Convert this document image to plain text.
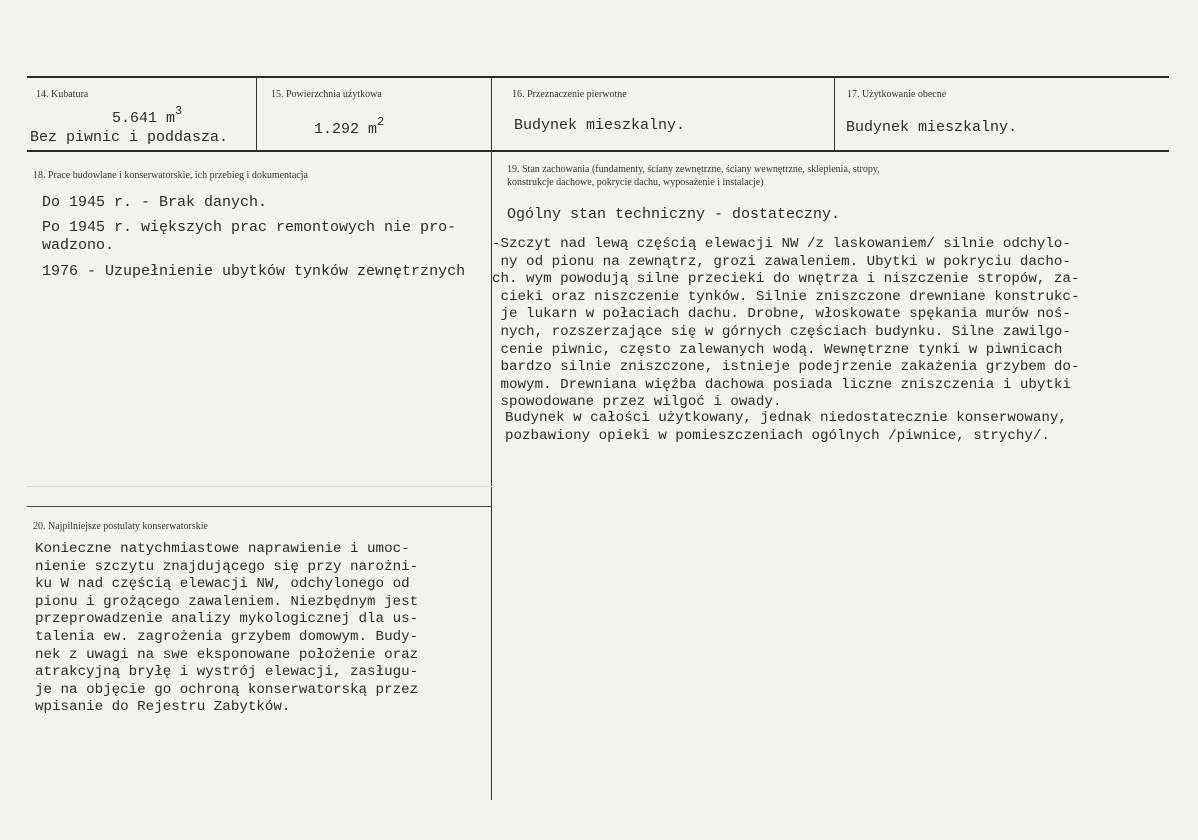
14. Kubatura
5.641 $m^3$
Bez piwnic i poddasza.
15. Powierzchnia użytkowa
1.292 $m^2$
16. Przeznaczenie pierwotne
Budynek mieszkalny.
17. Użytkowanie obecne
Budynek mieszkalny.
18. Prace budowlane i konserwatorskie, ich przebieg i dokumentacja
Do 1945 r. - Brak danych.
Po 1945 r. większych prac remontowych nie pro-
wadzono.
1976 - Uzupełnienie ubytków tynków zewnętrznych
19. Stan zachowania (fundamenty, ściany zewnętrzne, ściany wewnętrzne, sklepienia, stropy,
konstrukcje dachowe, pokrycie dachu, wyposażenie i instalacje)
Ogólny stan techniczny - dostateczny.
-Szczyt nad lewą częścią elewacji NW /z laskowaniem/ silnie odchylo-
ny od pionu na zewnątrz, grozi zawaleniem. Ubytki w pokryciu dacho-
ch. wym powodują silne przecieki do wnętrza i niszczenie stropów, za-
cieki oraz niszczenie tynków. Silnie zniszczone drewniane konstrukc-
je lukarn w połaciach dachu. Drobne, włoskowate spękania murów noś-
nych, rozszerzające się w górnych częściach budynku. Silne zawilgo-
cenie piwnic, często zalewanych wodą. Wewnętrzne tynki w piwnicach
bardzo silnie zniszczone, istnieje podejrzenie zakażenia grzybem do-
mowym. Drewniana więźba dachowa posiada liczne zniszczenia i ubytki
spowodowane przez wilgoć i owady.
Budynek w całości użytkowany, jednak niedostatecznie konserwowany,
pozbawiony opieki w pomieszczeniach ogólnych /piwnice, strychy/.
20. Najpilniejsze postulaty konserwatorskie
Konieczne natychmiastowe naprawienie i umoc-
nienie szczytu znajdującego się przy narożni-
ku W nad częścią elewacji NW, odchylonego od
pionu i grożącego zawaleniem. Niezbędnym jest
przeprowadzenie analizy mykologicznej dla us-
talenia ew. zagrożenia grzybem domowym. Budy-
nek z uwagi na swe eksponowane położenie oraz
atrakcyjną bryłę i wystrój elewacji, zasługu-
je na objęcie go ochroną konserwatorską przez
wpisanie do Rejestru Zabytków.
